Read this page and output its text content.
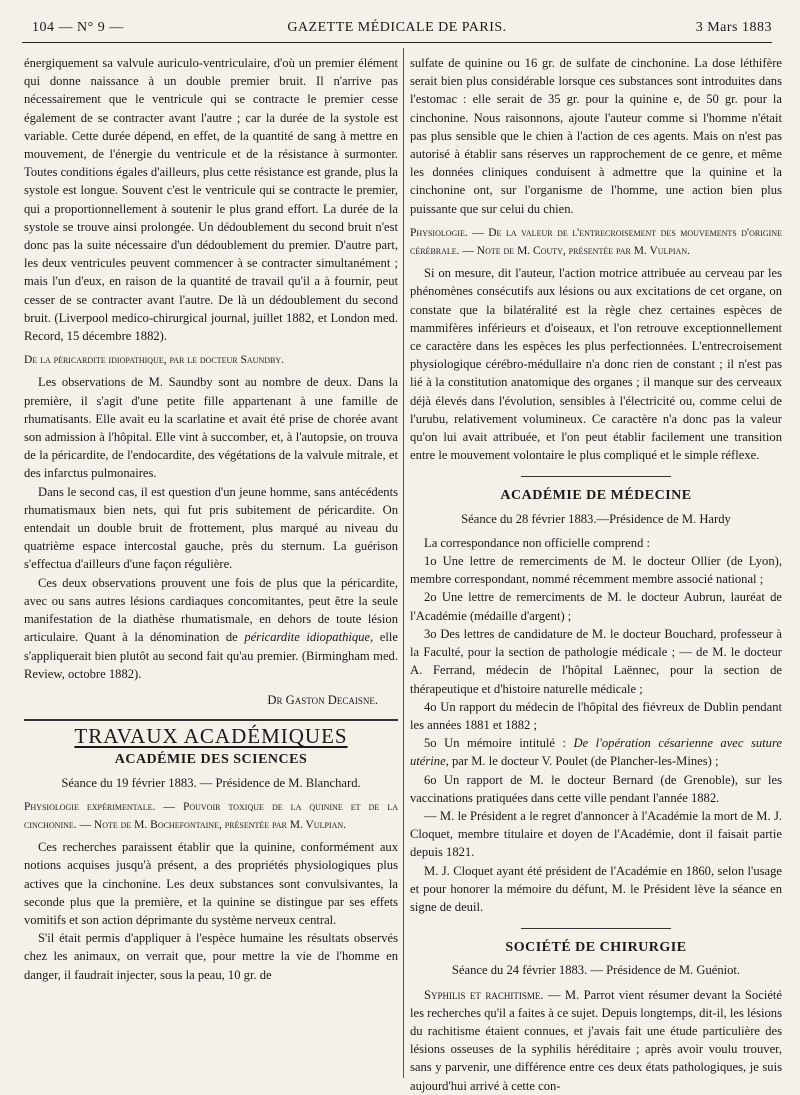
104 — N° 9 —	GAZETTE MÉDICALE DE PARIS.	3 Mars 1883

énergiquement sa valvule auriculo-ventriculaire, d'où un premier élément qui donne naissance à un double premier bruit. Il n'arrive pas nécessairement que le ventricule qui se contracte le premier cesse également de se contracter avant l'autre ; car la durée de la systole est variable. Cette durée dépend, en effet, de la quantité de sang à mettre en mouvement, de l'énergie du ventricule et de la résistance à surmonter. Toutes conditions égales d'ailleurs, plus cette résistance est grande, plus la systole est longue. Souvent c'est le ventricule qui se contracte le premier, qui a proportionnellement à soutenir le plus grand effort. La durée de la systole se trouve ainsi prolongée. Un dédoublement du second bruit n'est donc pas la suite nécessaire d'un dédoublement du premier. D'autre part, les deux ventricules peuvent commencer à se contracter simultanément ; mais l'un d'eux, en raison de la quantité de travail qu'il a à fournir, peut cesser de se contracter avant l'autre. De là un dédoublement du second bruit. (Liverpool medico-chirurgical journal, juillet 1882, et London med. Record, 15 décembre 1882).

De la péricardite idiopathique, par le docteur Saundby.

Les observations de M. Saundby sont au nombre de deux. Dans la première, il s'agit d'une petite fille appartenant à une famille de rhumatisants. Elle avait eu la scarlatine et avait été prise de chorée avant son admission à l'hôpital. Elle vint à succomber, et, à l'autopsie, on trouva de la péricardite, de l'endocardite, des végétations de la valvule mitrale, et des infarctus pulmonaires.

Dans le second cas, il est question d'un jeune homme, sans antécédents rhumatismaux bien nets, qui fut pris subitement de péricardite. On entendait un double bruit de frottement, plus marqué au niveau du quatrième espace intercostal gauche, près du sternum. La guérison s'effectua d'ailleurs d'une façon régulière.

Ces deux observations prouvent une fois de plus que la péricardite, avec ou sans autres lésions cardiaques concomitantes, peut être la seule manifestation de la diathèse rhumatismale, en dehors de toute lésion articulaire. Quant à la dénomination de péricardite idiopathique, elle s'appliquerait bien plutôt au second fait qu'au premier. (Birmingham med. Review, octobre 1882).

Dr Gaston Decaisne.

TRAVAUX ACADÉMIQUES
ACADÉMIE DES SCIENCES

Séance du 19 février 1883. — Présidence de M. Blanchard.

Physiologie expérimentale. — Pouvoir toxique de la quinine et de la cinchonine. — Note de M. Bochefontaine, présentée par M. Vulpian.

Ces recherches paraissent établir que la quinine, conformément aux notions acquises jusqu'à présent, a des propriétés physiologiques plus actives que la cinchonine. Les deux substances sont convulsivantes, la seconde plus que la première, et la quinine se distingue par ses effets vomitifs et son action déprimante du système nerveux central.

S'il était permis d'appliquer à l'espèce humaine les résultats observés chez les animaux, on verrait que, pour mettre la vie de l'homme en danger, il faudrait injecter, sous la peau, 10 gr. de

sulfate de quinine ou 16 gr. de sulfate de cinchonine. La dose léthifère serait bien plus considérable lorsque ces substances sont introduites dans l'estomac : elle serait de 35 gr. pour la quinine e, de 50 gr. pour la cinchonine. Nous raisonnons, ajoute l'auteur comme si l'homme n'était pas plus sensible que le chien à l'action de ces agents. Mais on n'est pas autorisé à établir sans réserves un rapprochement de ce genre, et même les données cliniques conduisent à admettre que la quinine et la cinchonine ont, sur l'organisme de l'homme, une action bien plus puissante que sur celui du chien.

Physiologie. — De la valeur de l'entrecroisement des mouvements d'origine cérébrale. — Note de M. Couty, présentée par M. Vulpian.

Si on mesure, dit l'auteur, l'action motrice attribuée au cerveau par les phénomènes consécutifs aux lésions ou aux excitations de cet organe, on constate que la bilatéralité est la règle chez certaines espèces de mammifères inférieurs et d'oiseaux, et l'on retrouve exceptionnellement ce caractère dans les espèces les plus perfectionnées. L'entrecroisement physiologique cérébro-médullaire n'a donc rien de constant ; il n'est pas lié à la constitution anatomique des organes ; il manque sur des cerveaux déjà élevés dans l'évolution, sensibles à l'électricité ou, comme celui de l'urubu, relativement volumineux. Ce caractère n'a donc pas la valeur qu'on lui avait attribuée, et l'on peut établir facilement une transition entre le mouvement volontaire le plus compliqué et le simple réflexe.

ACADÉMIE DE MÉDECINE

Séance du 28 février 1883.—Présidence de M. Hardy

La correspondance non officielle comprend :

1o Une lettre de remerciments de M. le docteur Ollier (de Lyon), membre correspondant, nommé récemment membre associé national ;

2o Une lettre de remerciments de M. le docteur Aubrun, lauréat de l'Académie (médaille d'argent) ;

3o Des lettres de candidature de M. le docteur Bouchard, professeur à la Faculté, pour la section de pathologie médicale ; — de M. le docteur A. Ferrand, médecin de l'hôpital Laënnec, pour la section de thérapeutique et d'histoire naturelle médicale ;

4o Un rapport du médecin de l'hôpital des fiévreux de Dublin pendant les années 1881 et 1882 ;

5o Un mémoire intitulé : De l'opération césarienne avec suture utérine, par M. le docteur V. Poulet (de Plancher-les-Mines) ;

6o Un rapport de M. le docteur Bernard (de Grenoble), sur les vaccinations pratiquées dans cette ville pendant l'année 1882.

— M. le Président a le regret d'annoncer à l'Académie la mort de M. J. Cloquet, membre titulaire et doyen de l'Académie, dont il faisait partie depuis 1821.

M. J. Cloquet ayant été président de l'Académie en 1860, selon l'usage et pour honorer la mémoire du défunt, M. le Président lève la séance en signe de deuil.

SOCIÉTÉ DE CHIRURGIE

Séance du 24 février 1883. — Présidence de M. Guéniot.

Syphilis et rachitisme. — M. Parrot vient résumer devant la Société les recherches qu'il a faites à ce sujet. Depuis longtemps, dit-il, les lésions du rachitisme étaient connues, et j'avais fait une étude particulière des lésions osseuses de la syphilis héréditaire ; après avoir voulu trouver, sans y parvenir, une différence entre ces deux états pathologiques, je suis aujourd'hui arrivé à cette con-
